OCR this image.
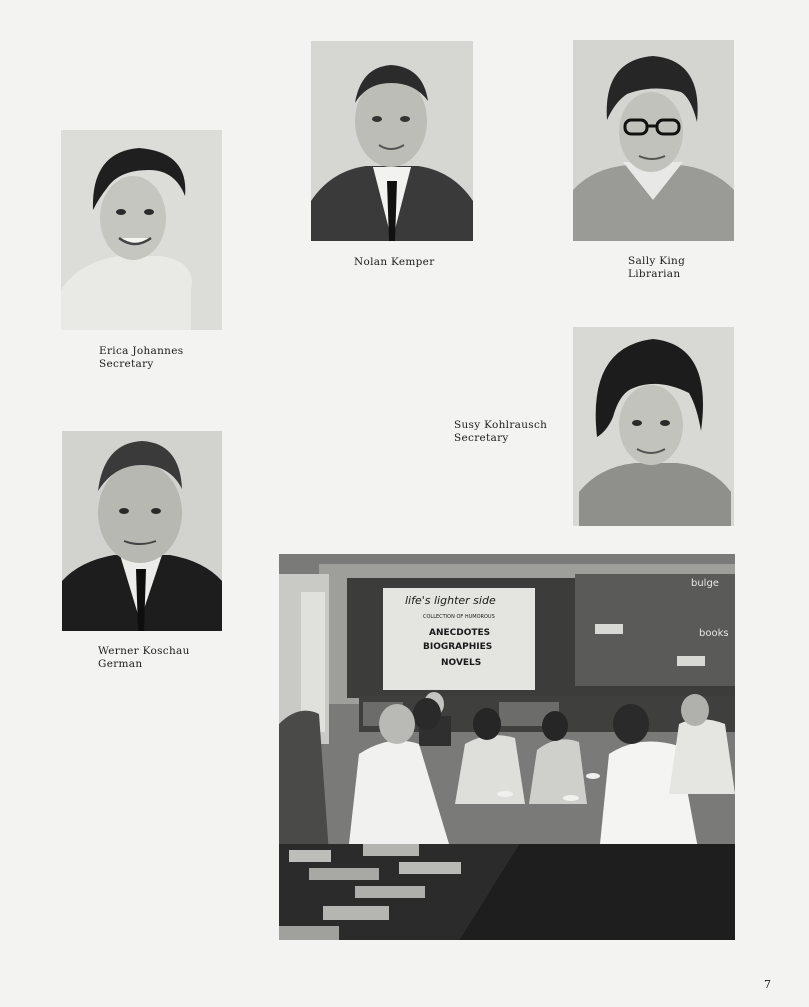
Nolan Kemper	Sally King
Librarian
Erica Johannes
Secretary
Susy Kohlrausch
Secretary
Werner Koschau
German
life's lighter side
COLLECTION OF HUMOROUS
ANECDOTES
BIOGRAPHIES
NOVELS
bulge
books
7
